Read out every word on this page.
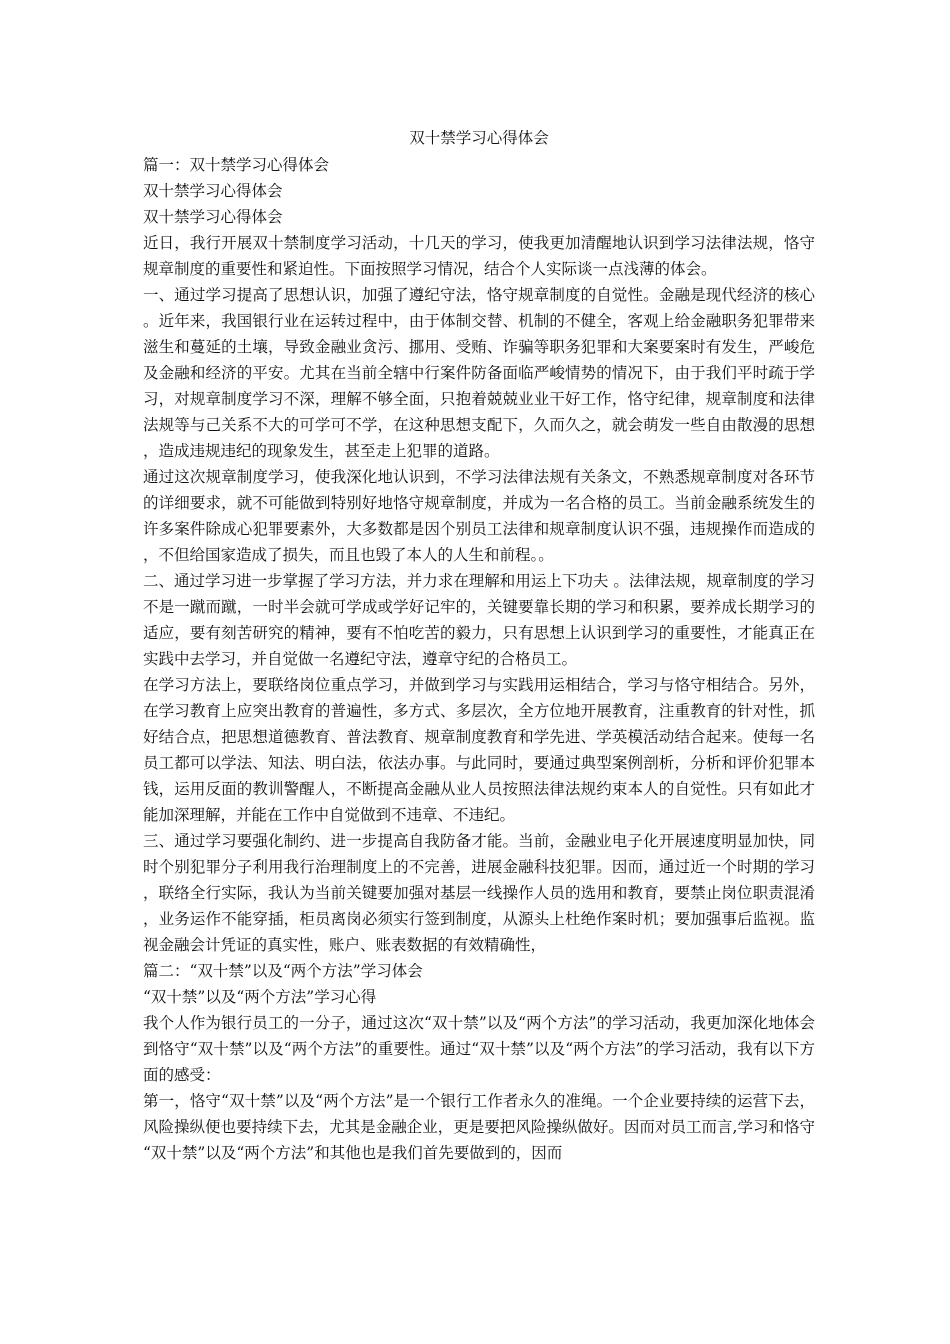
双十禁学习心得体会

篇一：双十禁学习心得体会

双十禁学习心得体会

双十禁学习心得体会

近日，我行开展双十禁制度学习活动，十几天的学习，使我更加清醒地认识到学习法律法规，恪守规章制度的重要性和紧迫性。下面按照学习情况，结合个人实际谈一点浅薄的体会。

一、通过学习提高了思想认识，加强了遵纪守法，恪守规章制度的自觉性。金融是现代经济的核心。近年来，我国银行业在运转过程中，由于体制交替、机制的不健全，客观上给金融职务犯罪带来滋生和蔓延的土壤，导致金融业贪污、挪用、受贿、诈骗等职务犯罪和大案要案时有发生，严峻危及金融和经济的平安。尤其在当前全辖中行案件防备面临严峻情势的情况下，由于我们平时疏于学习，对规章制度学习不深，理解不够全面，只抱着兢兢业业干好工作，恪守纪律，规章制度和法律法规等与己关系不大的可学可不学，在这种思想支配下，久而久之，就会萌发一些自由散漫的思想，造成违规违纪的现象发生，甚至走上犯罪的道路。

通过这次规章制度学习，使我深化地认识到，不学习法律法规有关条文，不熟悉规章制度对各环节的详细要求，就不可能做到特别好地恪守规章制度，并成为一名合格的员工。当前金融系统发生的许多案件除成心犯罪要素外，大多数都是因个别员工法律和规章制度认识不强，违规操作而造成的，不但给国家造成了损失，而且也毁了本人的人生和前程。。

二、通过学习进一步掌握了学习方法，并力求在理解和用运上下功夫 。法律法规，规章制度的学习不是一蹴而蹴，一时半会就可学成或学好记牢的，关键要靠长期的学习和积累，要养成长期学习的适应，要有刻苦研究的精神，要有不怕吃苦的毅力，只有思想上认识到学习的重要性，才能真正在实践中去学习，并自觉做一名遵纪守法，遵章守纪的合格员工。

在学习方法上，要联络岗位重点学习，并做到学习与实践用运相结合，学习与恪守相结合。另外，在学习教育上应突出教育的普遍性，多方式、多层次，全方位地开展教育，注重教育的针对性，抓好结合点，把思想道德教育、普法教育、规章制度教育和学先进、学英模活动结合起来。使每一名员工都可以学法、知法、明白法，依法办事。与此同时，要通过典型案例剖析，分析和评价犯罪本钱，运用反面的教训警醒人，不断提高金融从业人员按照法律法规约束本人的自觉性。只有如此才能加深理解，并能在工作中自觉做到不违章、不违纪。

三、通过学习要强化制约、进一步提高自我防备才能。当前，金融业电子化开展速度明显加快，同时个别犯罪分子利用我行治理制度上的不完善，进展金融科技犯罪。因而，通过近一个时期的学习，联络全行实际，我认为当前关键要加强对基层一线操作人员的选用和教育，要禁止岗位职责混淆，业务运作不能穿插，柜员离岗必须实行签到制度，从源头上杜绝作案时机；要加强事后监视。监视金融会计凭证的真实性，账户、账表数据的有效精确性，

篇二：“双十禁”以及“两个方法”学习体会

“双十禁”以及“两个方法”学习心得

我个人作为银行员工的一分子，通过这次“双十禁”以及“两个方法”的学习活动，我更加深化地体会到恪守“双十禁”以及“两个方法”的重要性。通过“双十禁”以及“两个方法”的学习活动，我有以下方面的感受：

第一，恪守“双十禁”以及“两个方法”是一个银行工作者永久的准绳。一个企业要持续的运营下去，风险操纵便也要持续下去，尤其是金融企业，更是要把风险操纵做好。因而对员工而言,学习和恪守“双十禁”以及“两个方法”和其他也是我们首先要做到的，因而
